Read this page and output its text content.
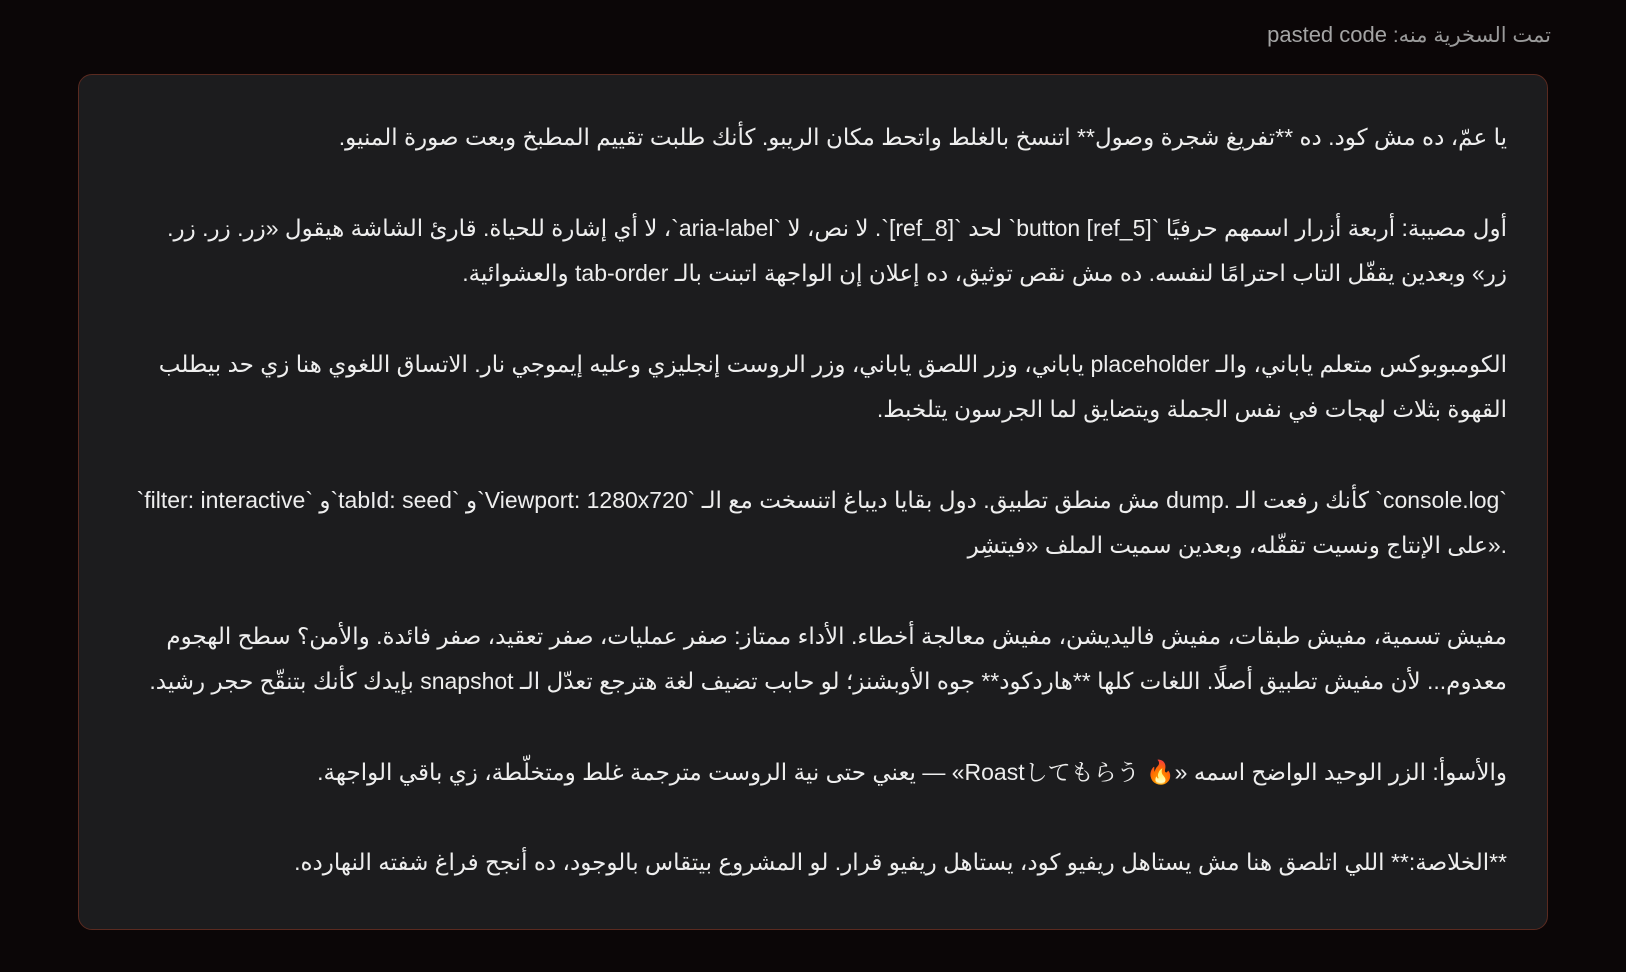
تمت السخرية منه: pasted code

يا عمّ، ده مش كود. ده **تفريغ شجرة وصول** اتنسخ بالغلط واتحط مكان الريبو. كأنك طلبت تقييم المطبخ وبعت صورة المنيو.

أول مصيبة: أربعة أزرار اسمهم حرفيًا `button [ref_5]` لحد `[ref_8]`. لا نص، لا `aria-label`، لا أي إشارة للحياة. قارئ الشاشة هيقول «زر. زر. زر. زر» وبعدين يقفّل التاب احترامًا لنفسه. ده مش نقص توثيق، ده إعلان إن الواجهة اتبنت بالـ tab-order والعشوائية.

الكومبوبوكس متعلم ياباني، والـ placeholder ياباني، وزر اللصق ياباني، وزر الروست إنجليزي وعليه إيموجي نار. الاتساق اللغوي هنا زي حد بيطلب القهوة بثلاث لهجات في نفس الجملة ويتضايق لما الجرسون يتلخبط.

`filter: interactive` و`tabId: seed` و`Viewport: 1280x720` مش منطق تطبيق. دول بقايا ديباغ اتنسخت مع الـ dump. كأنك رفعت الـ `console.log` على الإنتاج ونسيت تقفّله، وبعدين سميت الملف «فيتشِر».

مفيش تسمية، مفيش طبقات، مفيش فاليديشن، مفيش معالجة أخطاء. الأداء ممتاز: صفر عمليات، صفر تعقيد، صفر فائدة. والأمن؟ سطح الهجوم معدوم... لأن مفيش تطبيق أصلًا. اللغات كلها **هاردكود** جوه الأوبشنز؛ لو حابب تضيف لغة هترجع تعدّل الـ snapshot بإيدك كأنك بتنقّح حجر رشيد.

والأسوأ: الزر الوحيد الواضح اسمه «🔥 Roastしてもらう» — يعني حتى نية الروست مترجمة غلط ومتخلّطة، زي باقي الواجهة.

**الخلاصة:** اللي اتلصق هنا مش يستاهل ريفيو كود، يستاهل ريفيو قرار. لو المشروع بيتقاس بالوجود، ده أنجح فراغ شفته النهارده.
